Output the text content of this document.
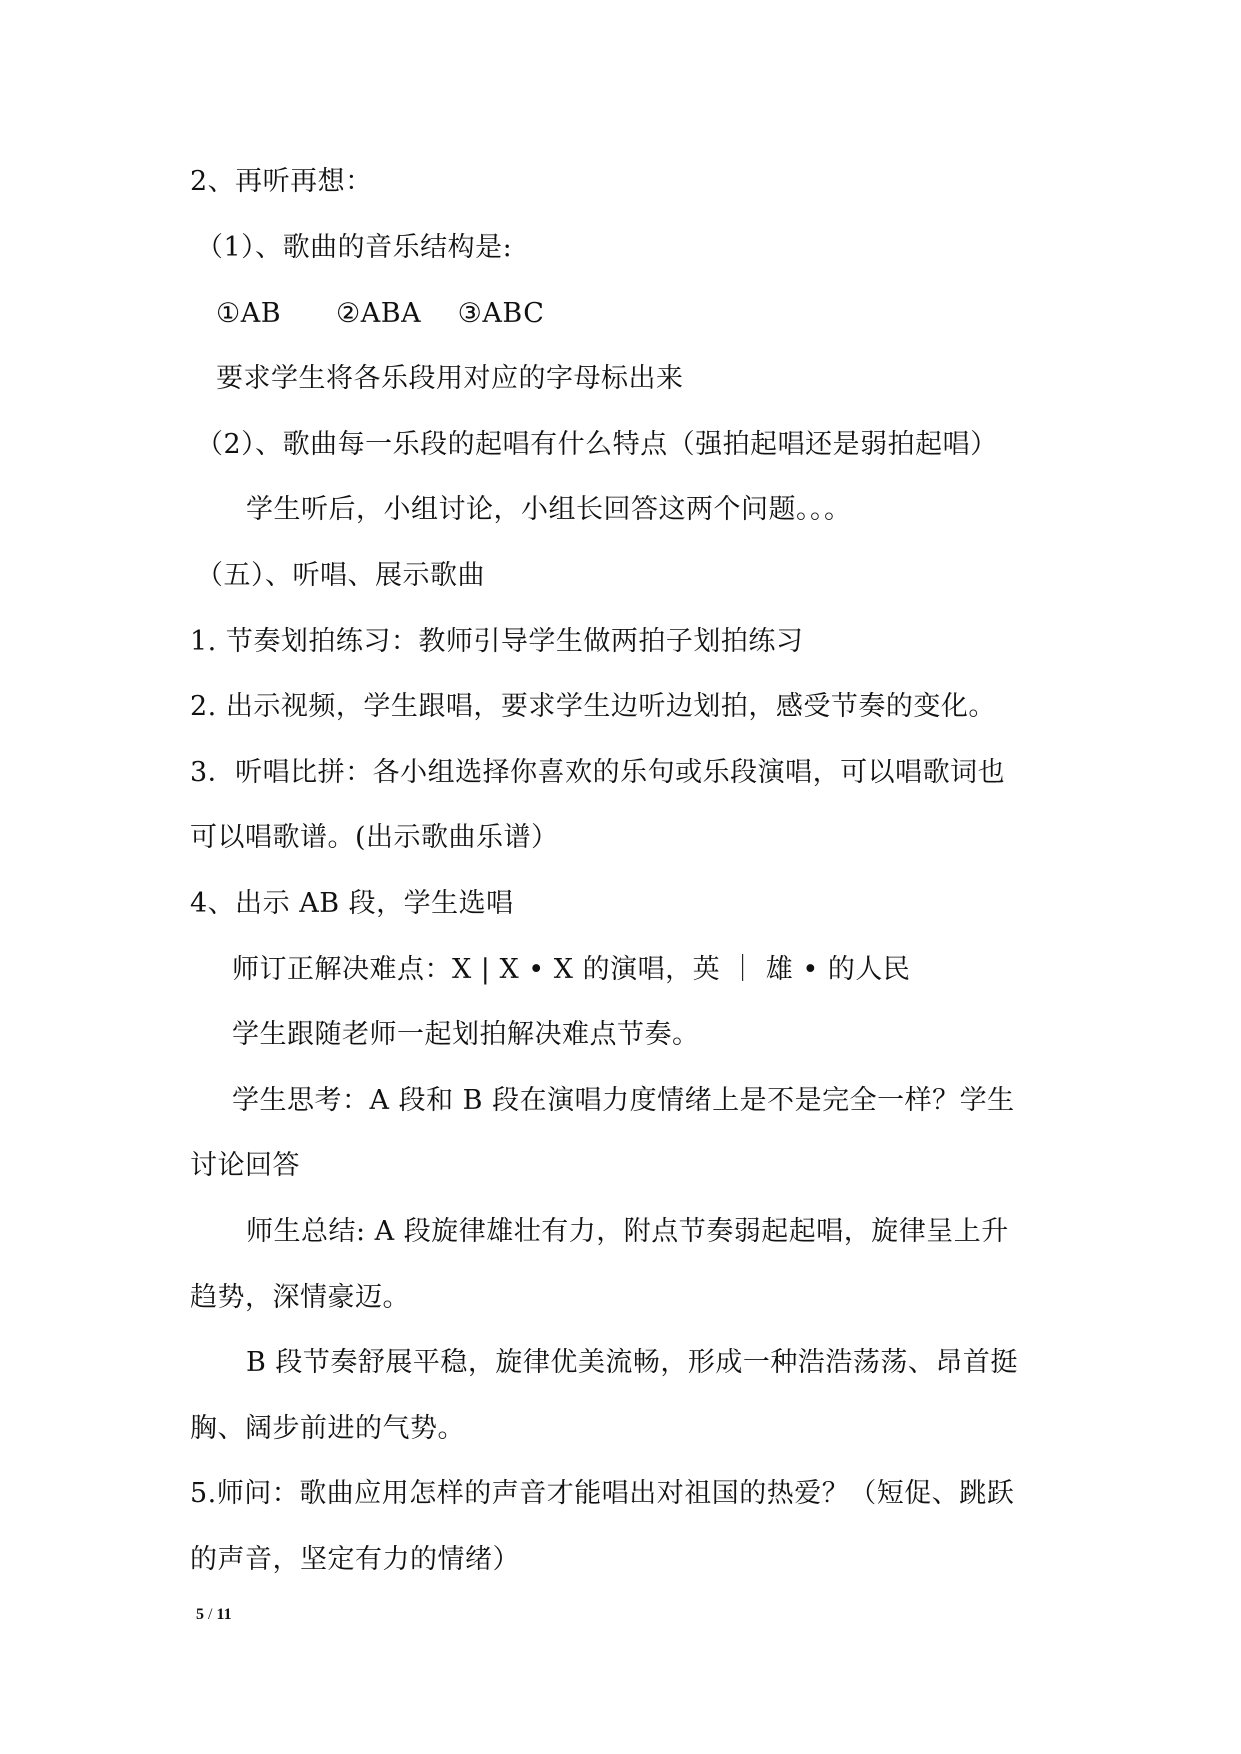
2、再听再想：
（1）、歌曲的音乐结构是:
①AB　　②ABA　 ③ABC
要求学生将各乐段用对应的字母标出来
（2）、歌曲每一乐段的起唱有什么特点（强拍起唱还是弱拍起唱）
学生听后，小组讨论，小组长回答这两个问题。。。
（五）、听唱、展示歌曲
1. 节奏划拍练习：教师引导学生做两拍子划拍练习
2. 出示视频，学生跟唱，要求学生边听边划拍，感受节奏的变化。
3．听唱比拼：各小组选择你喜欢的乐句或乐段演唱，可以唱歌词也
可以唱歌谱。(出示歌曲乐谱）
4、出示 AB 段，学生选唱
师订正解决难点：X | X • X 的演唱，英 ｜ 雄 • 的人民
学生跟随老师一起划拍解决难点节奏。
学生思考：A 段和 B 段在演唱力度情绪上是不是完全一样？学生
讨论回答
师生总结: A 段旋律雄壮有力，附点节奏弱起起唱，旋律呈上升
趋势，深情豪迈。
B 段节奏舒展平稳，旋律优美流畅，形成一种浩浩荡荡、昂首挺
胸、阔步前进的气势。
5.师问：歌曲应用怎样的声音才能唱出对祖国的热爱？（短促、跳跃
的声音，坚定有力的情绪）
5 / 11
